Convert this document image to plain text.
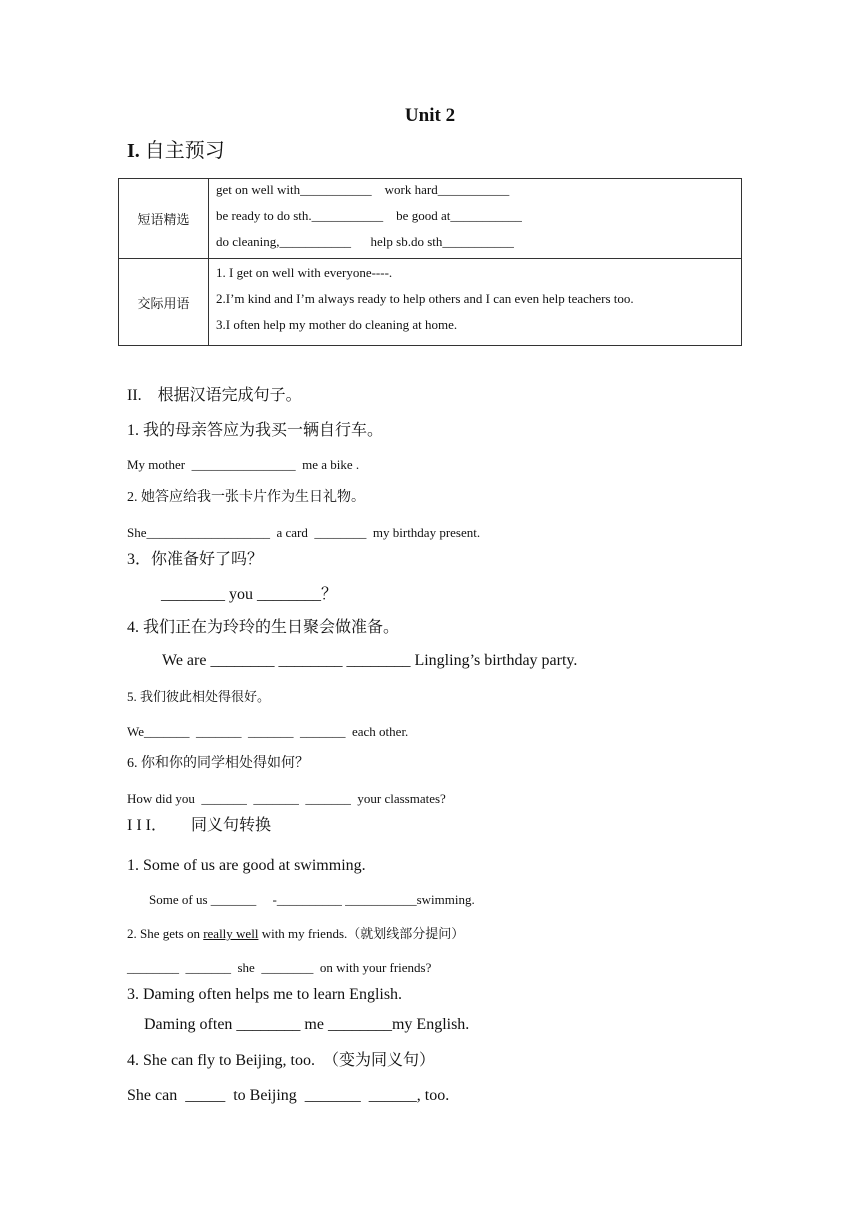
Unit 2
I. 自主预习
短语精选	get on well with___________    work hard___________
be ready to do sth.___________    be good at___________
do cleaning,___________      help sb.do sth___________

交际用语	1. I get on well with everyone----.
2.I’m kind and I’m always ready to help others and I can even help teachers too.
3.I often help my mother do cleaning at home.
II.    根据汉语完成句子。
1. 我的母亲答应为我买一辆自行车。
My mother  ________________  me a bike .
2. 她答应给我一张卡片作为生日礼物。
She___________________  a card  ________  my birthday present.
3．你准备好了吗？
________ you ________？
4. 我们正在为玲玲的生日聚会做准备。
We are ________ ________ ________ Lingling’s birthday party.
5. 我们彼此相处得很好。
We_______  _______  _______  _______  each other.
6. 你和你的同学相处得如何？
How did you  _______  _______  _______  your classmates?
I I I．      同义句转换
1. Some of us are good at swimming.
Some of us _______     -__________ ___________swimming.
2. She gets on really well with my friends.（就划线部分提问）
________  _______  she  ________  on with your friends?
3. Daming often helps me to learn English.
Daming often ________ me ________my English.
4. She can fly to Beijing, too.  （变为同义句）
She can  _____  to Beijing  _______  ______, too.
